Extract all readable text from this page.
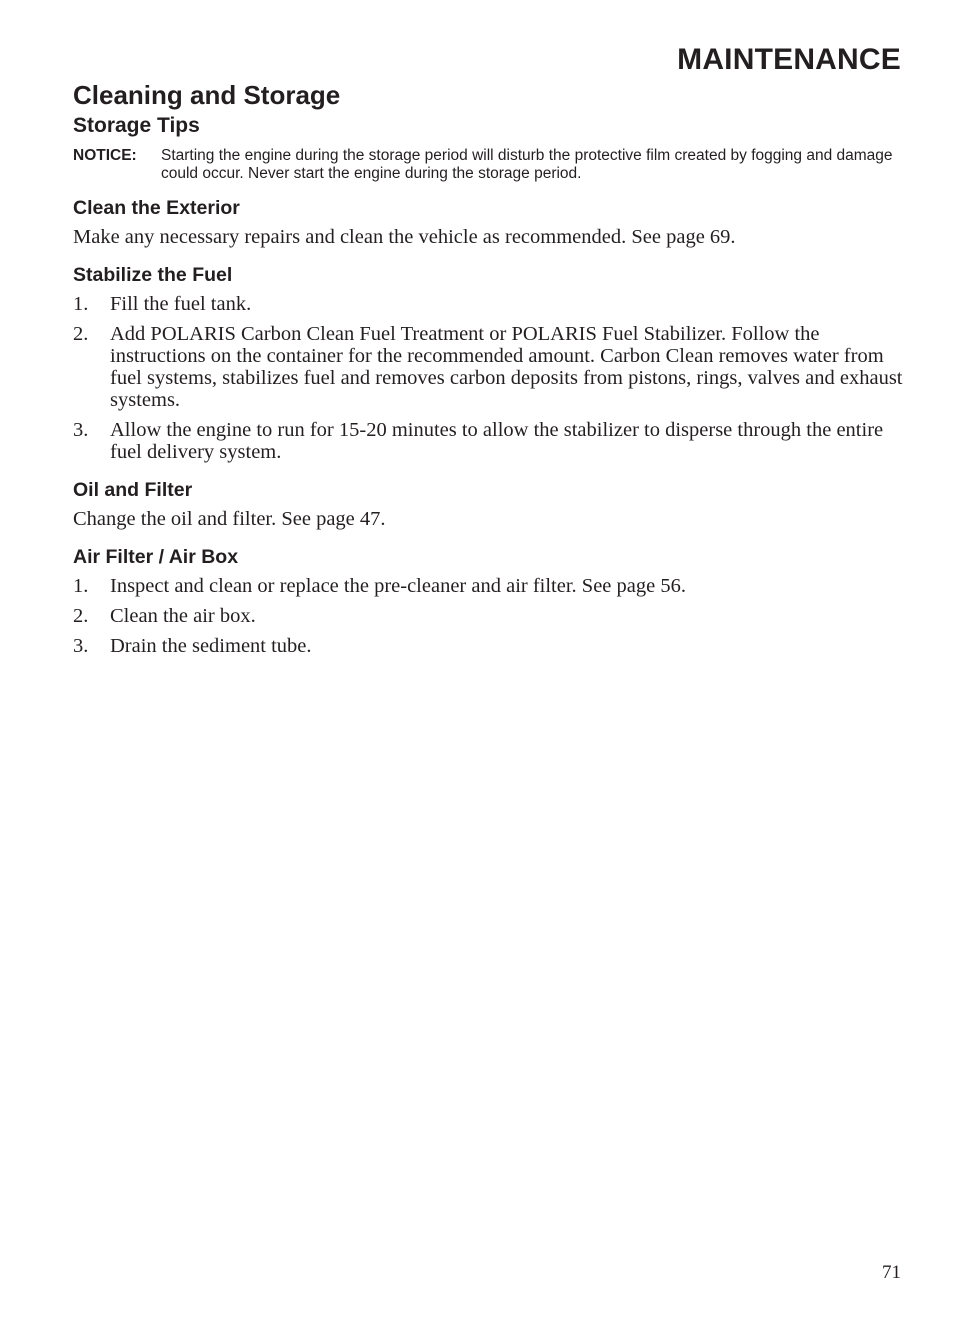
MAINTENANCE
Cleaning and Storage
Storage Tips
NOTICE:	Starting the engine during the storage period will disturb the protective film created by fogging and damage could occur. Never start the engine during the storage period.
Clean the Exterior

Make any necessary repairs and clean the vehicle as recommended. See page 69.

Stabilize the Fuel
1.	Fill the fuel tank.
2.	Add POLARIS Carbon Clean Fuel Treatment or POLARIS Fuel Stabilizer. Follow the instructions on the container for the recommended amount. Carbon Clean removes water from fuel systems, stabilizes fuel and removes carbon deposits from pistons, rings, valves and exhaust systems.
3.	Allow the engine to run for 15-20 minutes to allow the stabilizer to disperse through the entire fuel delivery system.
Oil and Filter

Change the oil and filter. See page 47.

Air Filter / Air Box
1.	Inspect and clean or replace the pre-cleaner and air filter. See page 56.
2.	Clean the air box.
3.	Drain the sediment tube.
71
